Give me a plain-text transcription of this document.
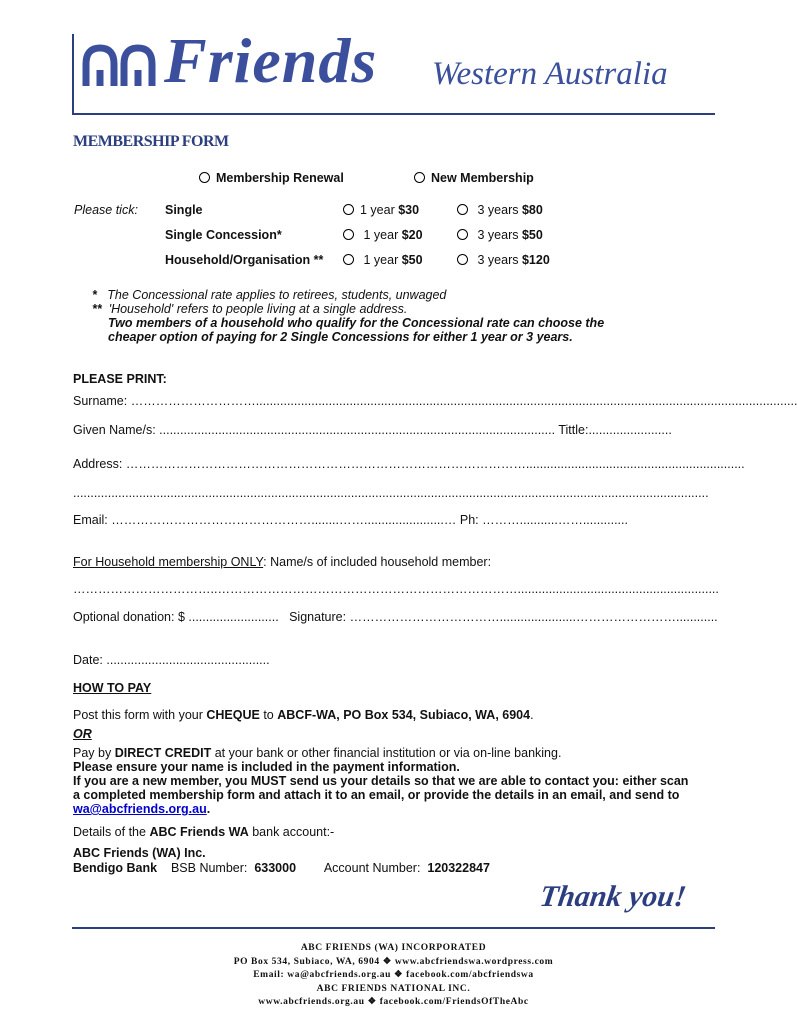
Friends Western Australia
MEMBERSHIP FORM
Membership Renewal	New Membership
Please tick: Single	1 year $30	3 years $80
Single Concession*	1 year $20	3 years $50
Household/Organisation **	1 year $50	3 years $120
* The Concessional rate applies to retirees, students, unwaged
** 'Household' refers to people living at a single address.
Two members of a household who qualify for the Concessional rate can choose the
cheaper option of paying for 2 Single Concessions for either 1 year or 3 years.
PLEASE PRINT:
Surname: …………………………............................................................................................................................................................
Given Name/s: .................................................................................................................. Tittle:........................
Address: ……………………………………………………………………………………...............................................................
.......................................................................................................................................................................................
Email: …………………………………………........…….......................… Ph: ………...........…….............
For Household membership ONLY: Name/s of included household member:
……………………………..………………………………………………………………..........................................................
Optional donation: $ .......................... Signature: ………………………………......................……………………............
Date: ...............................................
HOW TO PAY
Post this form with your CHEQUE to ABCF-WA, PO Box 534, Subiaco, WA, 6904.
OR
Pay by DIRECT CREDIT at your bank or other financial institution or via on-line banking.
Please ensure your name is included in the payment information.
If you are a new member, you MUST send us your details so that we are able to contact you: either scan
a completed membership form and attach it to an email, or provide the details in an email, and send to
wa@abcfriends.org.au.
Details of the ABC Friends WA bank account:-
ABC Friends (WA) Inc.
Bendigo Bank BSB Number: 633000 Account Number: 120322847
Thank you!
ABC FRIENDS (WA) INCORPORATED
PO Box 534, Subiaco, WA, 6904 ❖ www.abcfriendswa.wordpress.com
Email: wa@abcfriends.org.au ❖ facebook.com/abcfriendswa
ABC FRIENDS NATIONAL INC.
www.abcfriends.org.au ❖ facebook.com/FriendsOfTheAbc
